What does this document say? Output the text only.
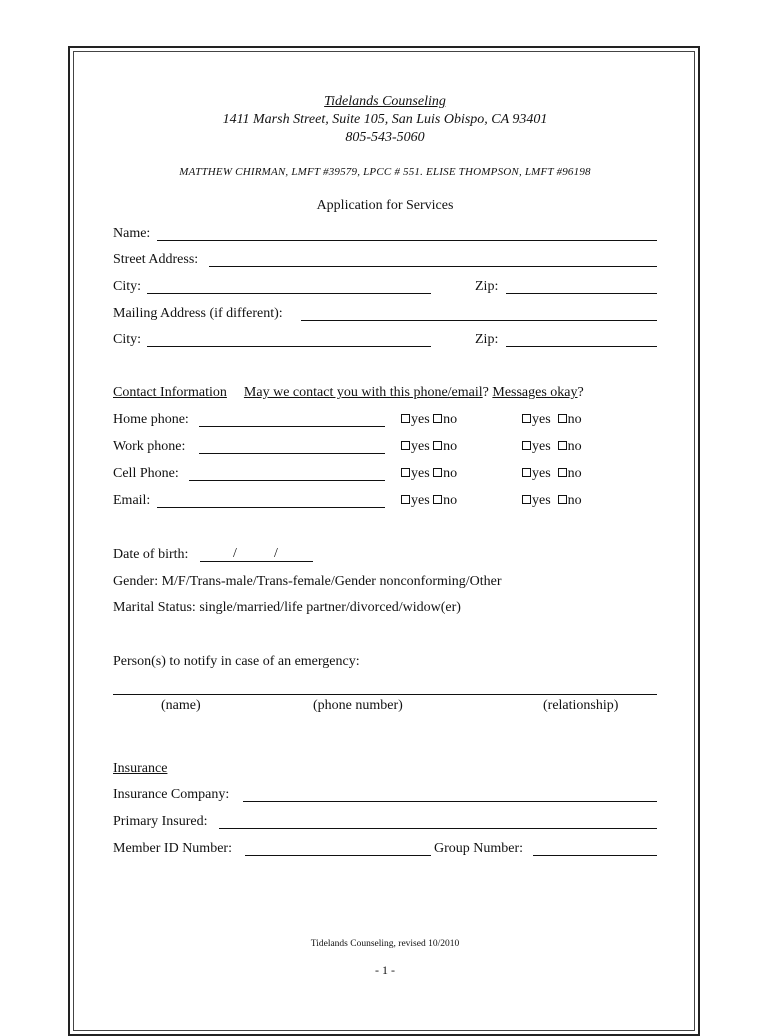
Tidelands Counseling
1411 Marsh Street, Suite 105, San Luis Obispo, CA 93401
805-543-5060
MATTHEW CHIRMAN, LMFT #39579, LPCC # 551. ELISE THOMPSON, LMFT #96198
Application for Services
Name:
Street Address:
City:	Zip:
Mailing Address (if different):
City:	Zip:
Contact Information May we contact you with this phone/email? Messages okay?
Home phone:	yes no	yes no
Work phone:	yes no	yes no
Cell Phone:	yes no	yes no
Email:	yes no	yes no
Date of birth:	/	/
Gender: M/F/Trans-male/Trans-female/Gender nonconforming/Other
Marital Status: single/married/life partner/divorced/widow(er)
Person(s) to notify in case of an emergency:
(name)	(phone number)	(relationship)
Insurance
Insurance Company:
Primary Insured:
Member ID Number:	Group Number:
Tidelands Counseling, revised 10/2010
- 1 -
